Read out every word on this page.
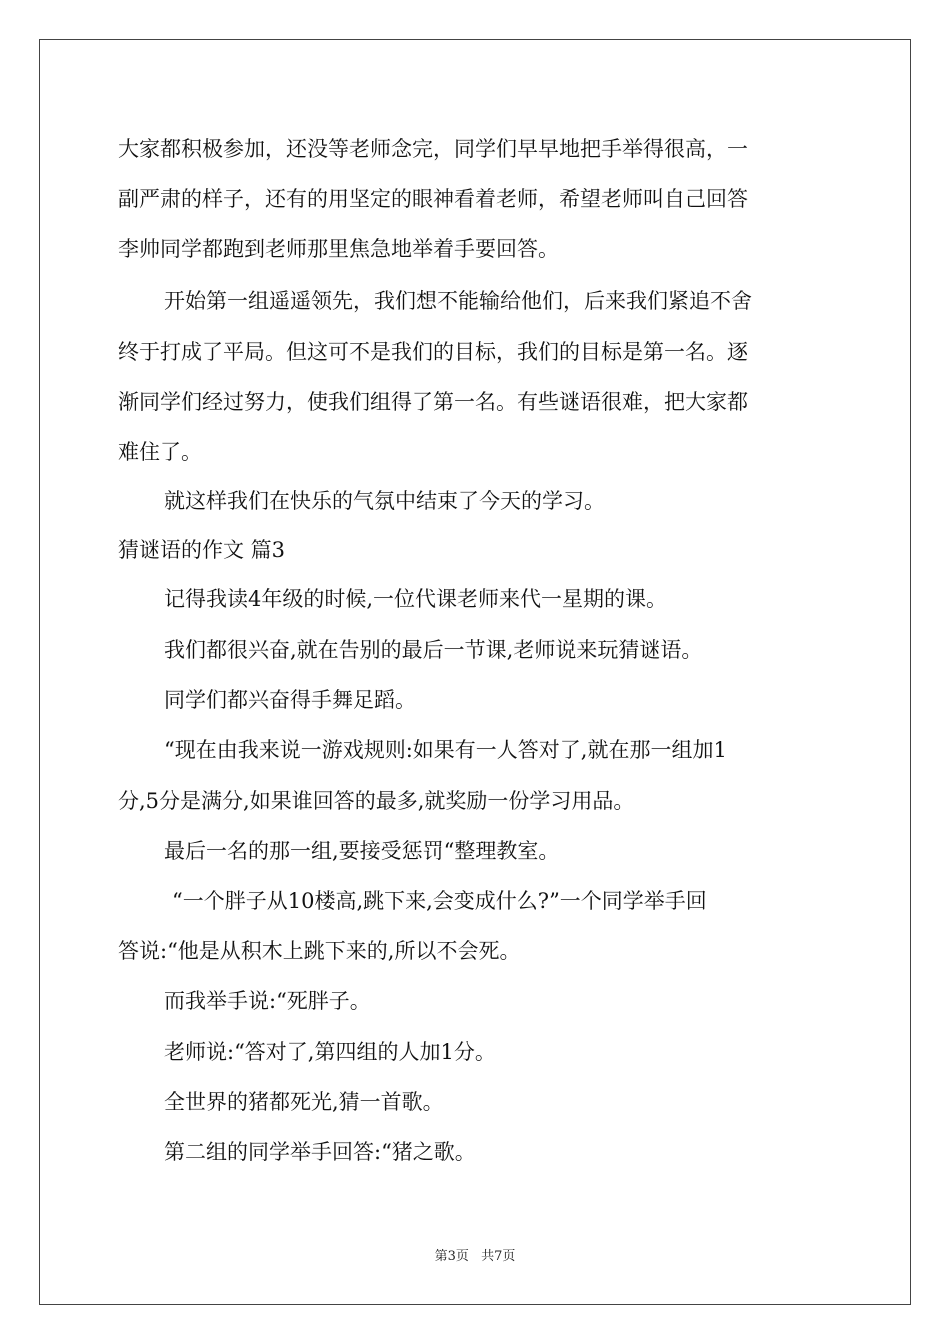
大家都积极参加，还没等老师念完，同学们早早地把手举得很高，一
副严肃的样子，还有的用坚定的眼神看着老师，希望老师叫自己回答
李帅同学都跑到老师那里焦急地举着手要回答。
开始第一组遥遥领先，我们想不能输给他们，后来我们紧追不舍
终于打成了平局。但这可不是我们的目标，我们的目标是第一名。逐
渐同学们经过努力，使我们组得了第一名。有些谜语很难，把大家都
难住了。
就这样我们在快乐的气氛中结束了今天的学习。
猜谜语的作文 篇3
记得我读4年级的时候,一位代课老师来代一星期的课。
我们都很兴奋,就在告别的最后一节课,老师说来玩猜谜语。
同学们都兴奋得手舞足蹈。
“现在由我来说一游戏规则:如果有一人答对了,就在那一组加1
分,5分是满分,如果谁回答的最多,就奖励一份学习用品。
最后一名的那一组,要接受惩罚“整理教室。
“一个胖子从10楼高,跳下来,会变成什么?”一个同学举手回
答说:“他是从积木上跳下来的,所以不会死。
而我举手说:“死胖子。
老师说:“答对了,第四组的人加1分。
全世界的猪都死光,猜一首歌。
第二组的同学举手回答:“猪之歌。
第3页 共7页
